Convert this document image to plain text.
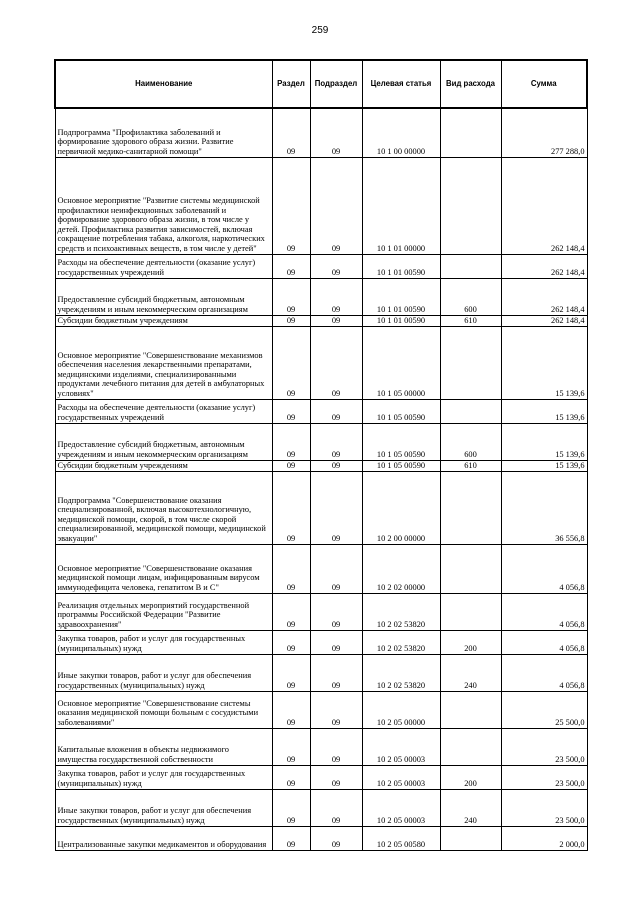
259
Наименование	Раздел	Подраздел	Целевая статья	Вид расхода	Сумма
Подпрограмма "Профилактика заболеваний и формирование здорового образа жизни. Развитие первичной медико-санитарной помощи"	09	09	10 1 00 00000		277 288,0
Основное мероприятие "Развитие системы медицинской профилактики неинфекционных заболеваний и формирование здорового образа жизни, в том числе у детей. Профилактика развития зависимостей, включая сокращение потребления табака, алкоголя, наркотических средств и психоактивных веществ, в том числе у детей"	09	09	10 1 01 00000		262 148,4
Расходы на обеспечение деятельности (оказание услуг) государственных учреждений	09	09	10 1 01 00590		262 148,4
Предоставление субсидий бюджетным, автономным учреждениям и иным некоммерческим организациям	09	09	10 1 01 00590	600	262 148,4
Субсидии бюджетным учреждениям	09	09	10 1 01 00590	610	262 148,4
Основное мероприятие "Совершенствование механизмов обеспечения населения лекарственными препаратами, медицинскими изделиями, специализированными продуктами лечебного питания для детей в амбулаторных условиях"	09	09	10 1 05 00000		15 139,6
Расходы на обеспечение деятельности (оказание услуг) государственных учреждений	09	09	10 1 05 00590		15 139,6
Предоставление субсидий бюджетным, автономным учреждениям и иным некоммерческим организациям	09	09	10 1 05 00590	600	15 139,6
Субсидии бюджетным учреждениям	09	09	10 1 05 00590	610	15 139,6
Подпрограмма "Совершенствование оказания специализированной, включая высокотехнологичную, медицинской помощи, скорой, в том числе скорой специализированной, медицинской помощи, медицинской эвакуации"	09	09	10 2 00 00000		36 556,8
Основное мероприятие "Совершенствование оказания медицинской помощи лицам, инфицированным вирусом иммунодефицита человека, гепатитом B и C"	09	09	10 2 02 00000		4 056,8
Реализация отдельных мероприятий государственной программы Российской Федерации "Развитие здравоохранения"	09	09	10 2 02 53820		4 056,8
Закупка товаров, работ и услуг для государственных (муниципальных) нужд	09	09	10 2 02 53820	200	4 056,8
Иные закупки товаров, работ и услуг для обеспечения государственных (муниципальных) нужд	09	09	10 2 02 53820	240	4 056,8
Основное мероприятие "Совершенствование системы оказания медицинской помощи больным с сосудистыми заболеваниями"	09	09	10 2 05 00000		25 500,0
Капитальные вложения в объекты недвижимого имущества государственной собственности	09	09	10 2 05 00003		23 500,0
Закупка товаров, работ и услуг для государственных (муниципальных) нужд	09	09	10 2 05 00003	200	23 500,0
Иные закупки товаров, работ и услуг для обеспечения государственных (муниципальных) нужд	09	09	10 2 05 00003	240	23 500,0
Централизованные закупки медикаментов и оборудования	09	09	10 2 05 00580		2 000,0
